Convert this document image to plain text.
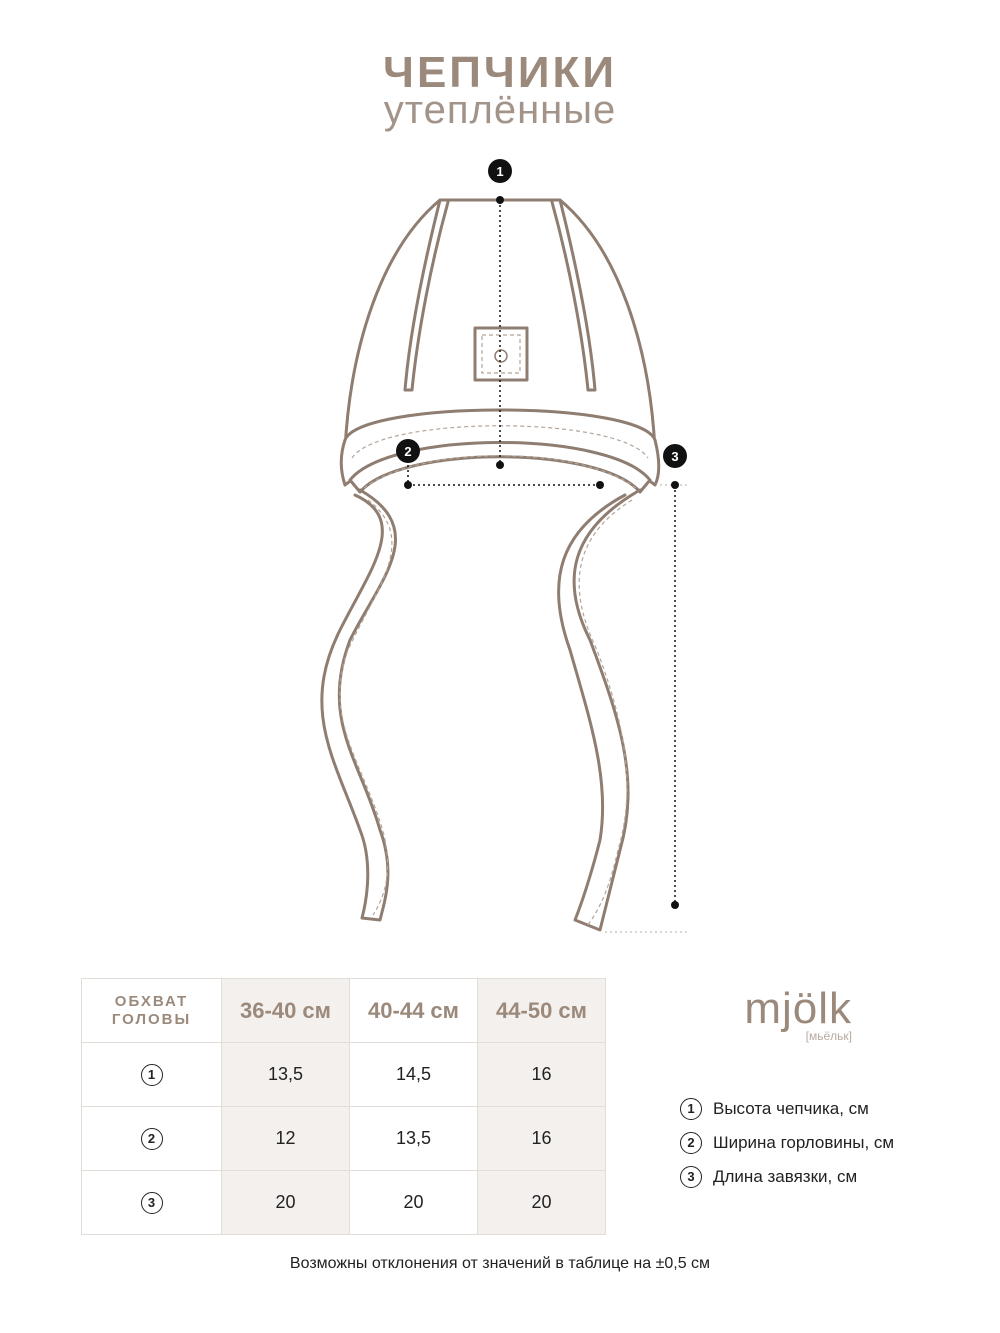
ЧЕПЧИКИ
утеплённые
1
2	3
ОБХВАТ ГОЛОВЫ	36-40 см	40-44 см	44-50 см
1	13,5	14,5	16
2	12	13,5	16
3	20	20	20
mjölk
[мьёльк]
1	Высота чепчика, см
2	Ширина горловины, см
3	Длина завязки, см
Возможны отклонения от значений в таблице на ±0,5 см
